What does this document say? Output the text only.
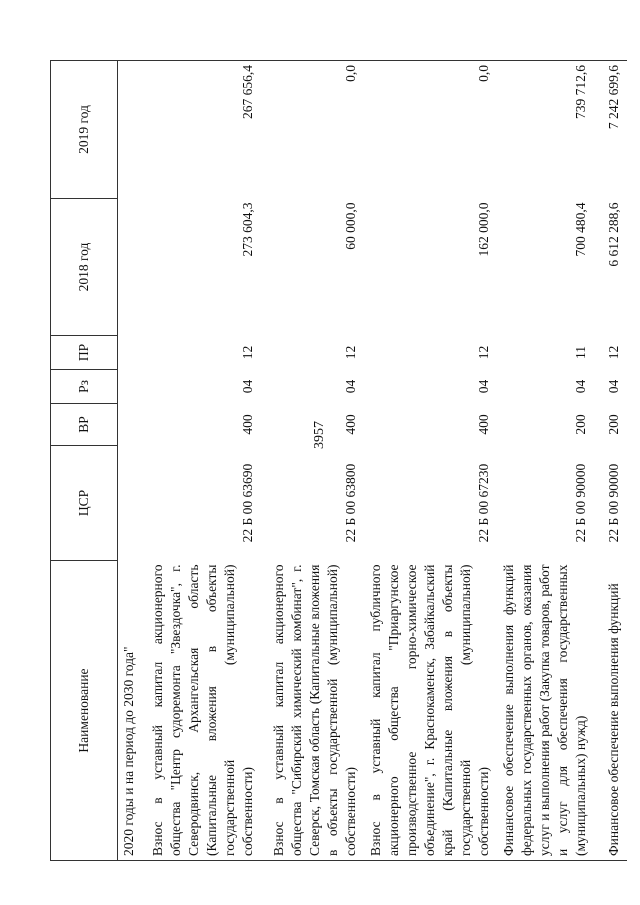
3957
Наименование	ЦСР	ВР	Рз	ПР	2018 год	2019 год
2020 годы и на период до 2030 года"						
Взнос в уставный капитал акционерного общества "Центр судоремонта "Звездочка", г. Северодвинск, Архангельская область (Капитальные вложения в объекты государственной (муниципальной) собственности)	22 Б 00 63690	400	04	12	273 604,3	267 656,4
Взнос в уставный капитал акционерного общества "Сибирский химический комбинат", г. Северск, Томская область (Капитальные вложения в объекты государственной (муниципальной) собственности)	22 Б 00 63800	400	04	12	60 000,0	0,0
Взнос в уставный капитал публичного акционерного общества "Приаргунское производственное горно-химическое объединение", г. Краснокаменск, Забайкальский край (Капитальные вложения в объекты государственной (муниципальной) собственности)	22 Б 00 67230	400	04	12	162 000,0	0,0
Финансовое обеспечение выполнения функций федеральных государственных органов, оказания услуг и выполнения работ (Закупка товаров, работ и услуг для обеспечения государственных (муниципальных) нужд)	22 Б 00 90000	200	04	11	700 480,4	739 712,6
Финансовое обеспечение выполнения функций	22 Б 00 90000	200	04	12	6 612 288,6	7 242 699,6
